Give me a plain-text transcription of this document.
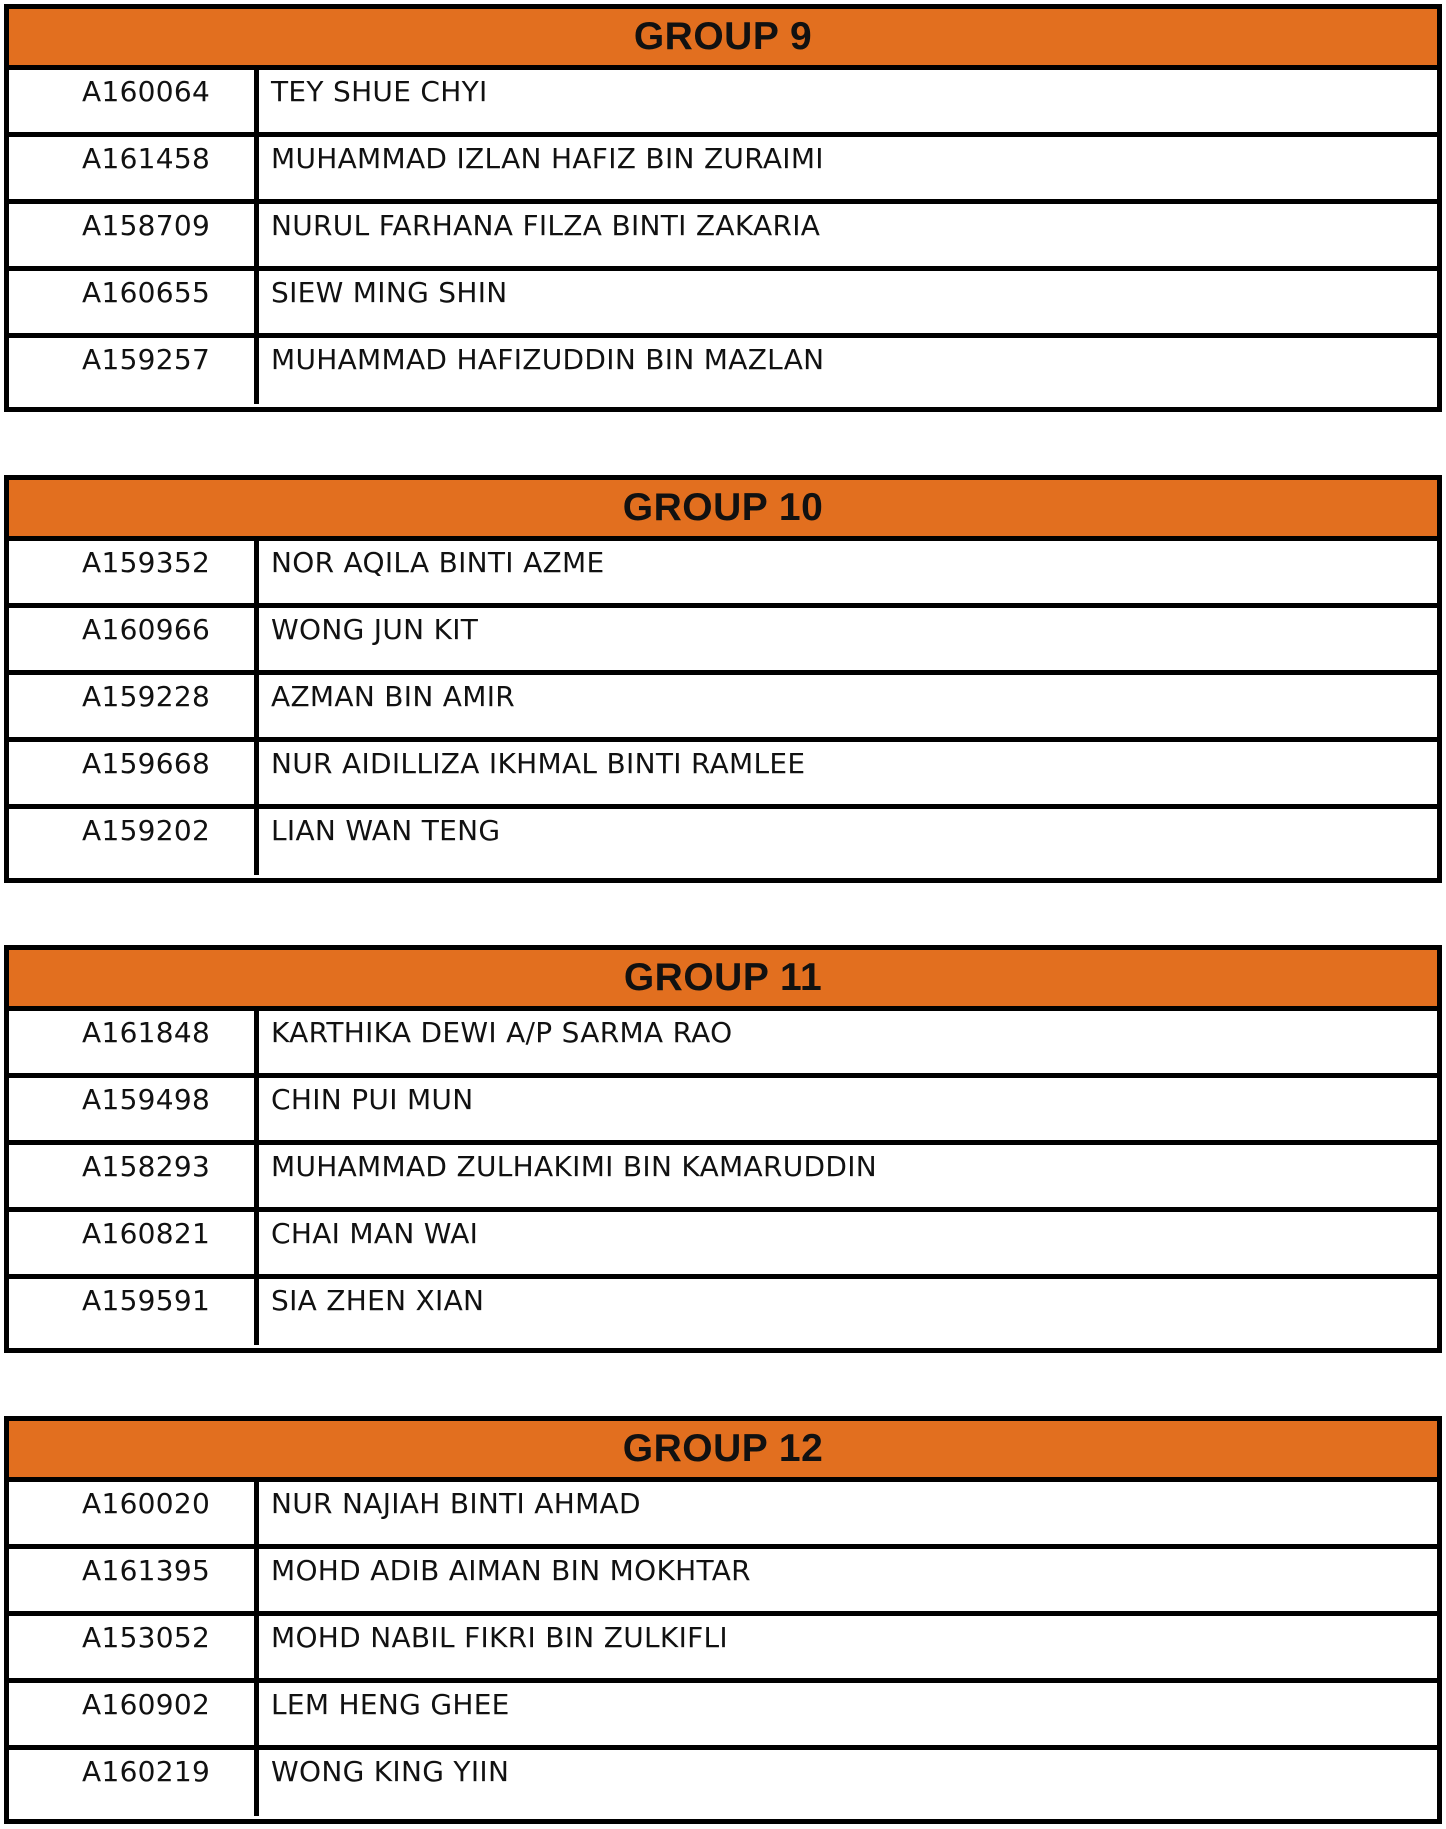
GROUP 9
A160064 TEY SHUE CHYI
A161458 MUHAMMAD IZLAN HAFIZ BIN ZURAIMI
A158709 NURUL FARHANA FILZA BINTI ZAKARIA
A160655 SIEW MING SHIN
A159257 MUHAMMAD HAFIZUDDIN BIN MAZLAN
GROUP 10
A159352 NOR AQILA BINTI AZME
A160966 WONG JUN KIT
A159228 AZMAN BIN AMIR
A159668 NUR AIDILLIZA IKHMAL BINTI RAMLEE
A159202 LIAN WAN TENG
GROUP 11
A161848 KARTHIKA DEWI A/P SARMA RAO
A159498 CHIN PUI MUN
A158293 MUHAMMAD ZULHAKIMI BIN KAMARUDDIN
A160821 CHAI MAN WAI
A159591 SIA ZHEN XIAN
GROUP 12
A160020 NUR NAJIAH BINTI AHMAD
A161395 MOHD ADIB AIMAN BIN MOKHTAR
A153052 MOHD NABIL FIKRI BIN ZULKIFLI
A160902 LEM HENG GHEE
A160219 WONG KING YIIN
